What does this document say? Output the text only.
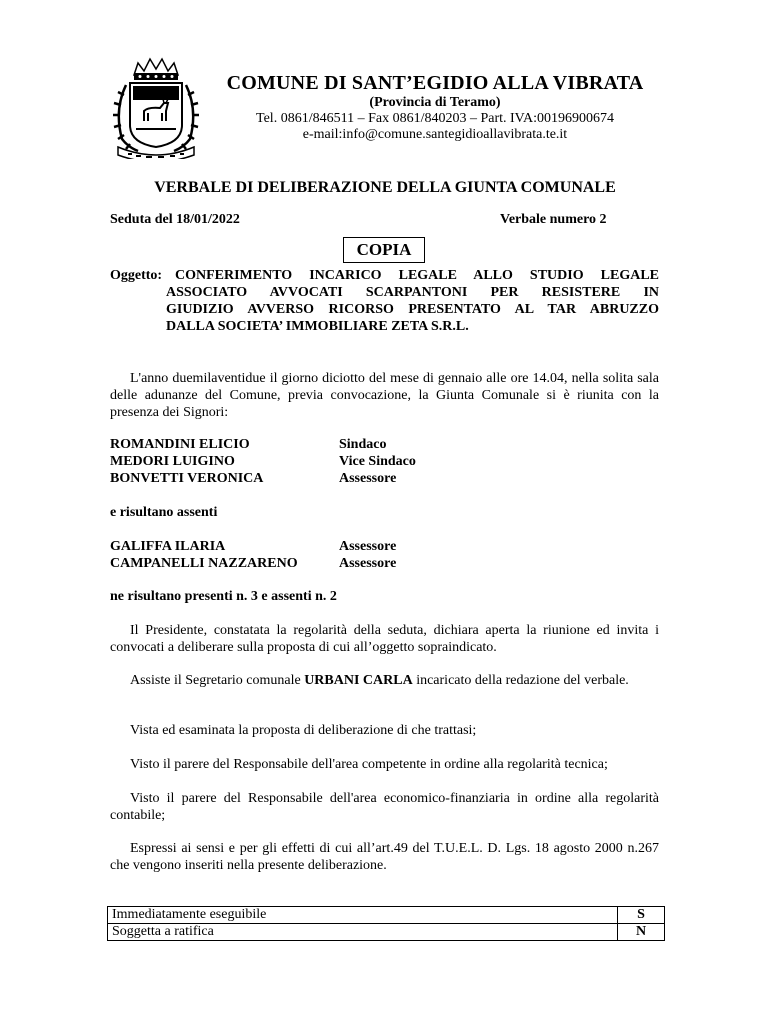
COMUNE DI SANT’EGIDIO ALLA VIBRATA
(Provincia di Teramo)
Tel. 0861/846511 – Fax 0861/840203 – Part. IVA:00196900674
e-mail:info@comune.santegidioallavibrata.te.it
VERBALE DI DELIBERAZIONE DELLA GIUNTA COMUNALE
Seduta del 18/01/2022	Verbale numero 2
COPIA
Oggetto: CONFERIMENTO INCARICO LEGALE ALLO STUDIO LEGALE
ASSOCIATO AVVOCATI SCARPANTONI PER RESISTERE IN
GIUDIZIO AVVERSO RICORSO PRESENTATO AL TAR ABRUZZO
DALLA SOCIETA’ IMMOBILIARE ZETA S.R.L.
L'anno duemilaventidue il giorno diciotto del mese di gennaio alle ore 14.04, nella solita sala delle adunanze del Comune, previa convocazione, la Giunta Comunale si è riunita con la presenza dei Signori:
ROMANDINI ELICIO	Sindaco
MEDORI LUIGINO	Vice Sindaco
BONVETTI VERONICA	Assessore
e risultano assenti
GALIFFA ILARIA	Assessore
CAMPANELLI NAZZARENO	Assessore
ne risultano presenti n. 3 e assenti n. 2
Il Presidente, constatata la regolarità della seduta, dichiara aperta la riunione ed invita i convocati a deliberare sulla proposta di cui all’oggetto sopraindicato.
Assiste il Segretario comunale URBANI CARLA incaricato della redazione del verbale.
Vista ed esaminata la proposta di deliberazione di che trattasi;
Visto il parere del Responsabile dell'area competente in ordine alla regolarità tecnica;
Visto il parere del Responsabile dell'area economico-finanziaria in ordine alla regolarità contabile;
Espressi ai sensi e per gli effetti di cui all’art.49 del T.U.E.L. D. Lgs. 18 agosto 2000 n.267 che vengono inseriti nella presente deliberazione.
Immediatamente eseguibile	S
Soggetta a ratifica	N
